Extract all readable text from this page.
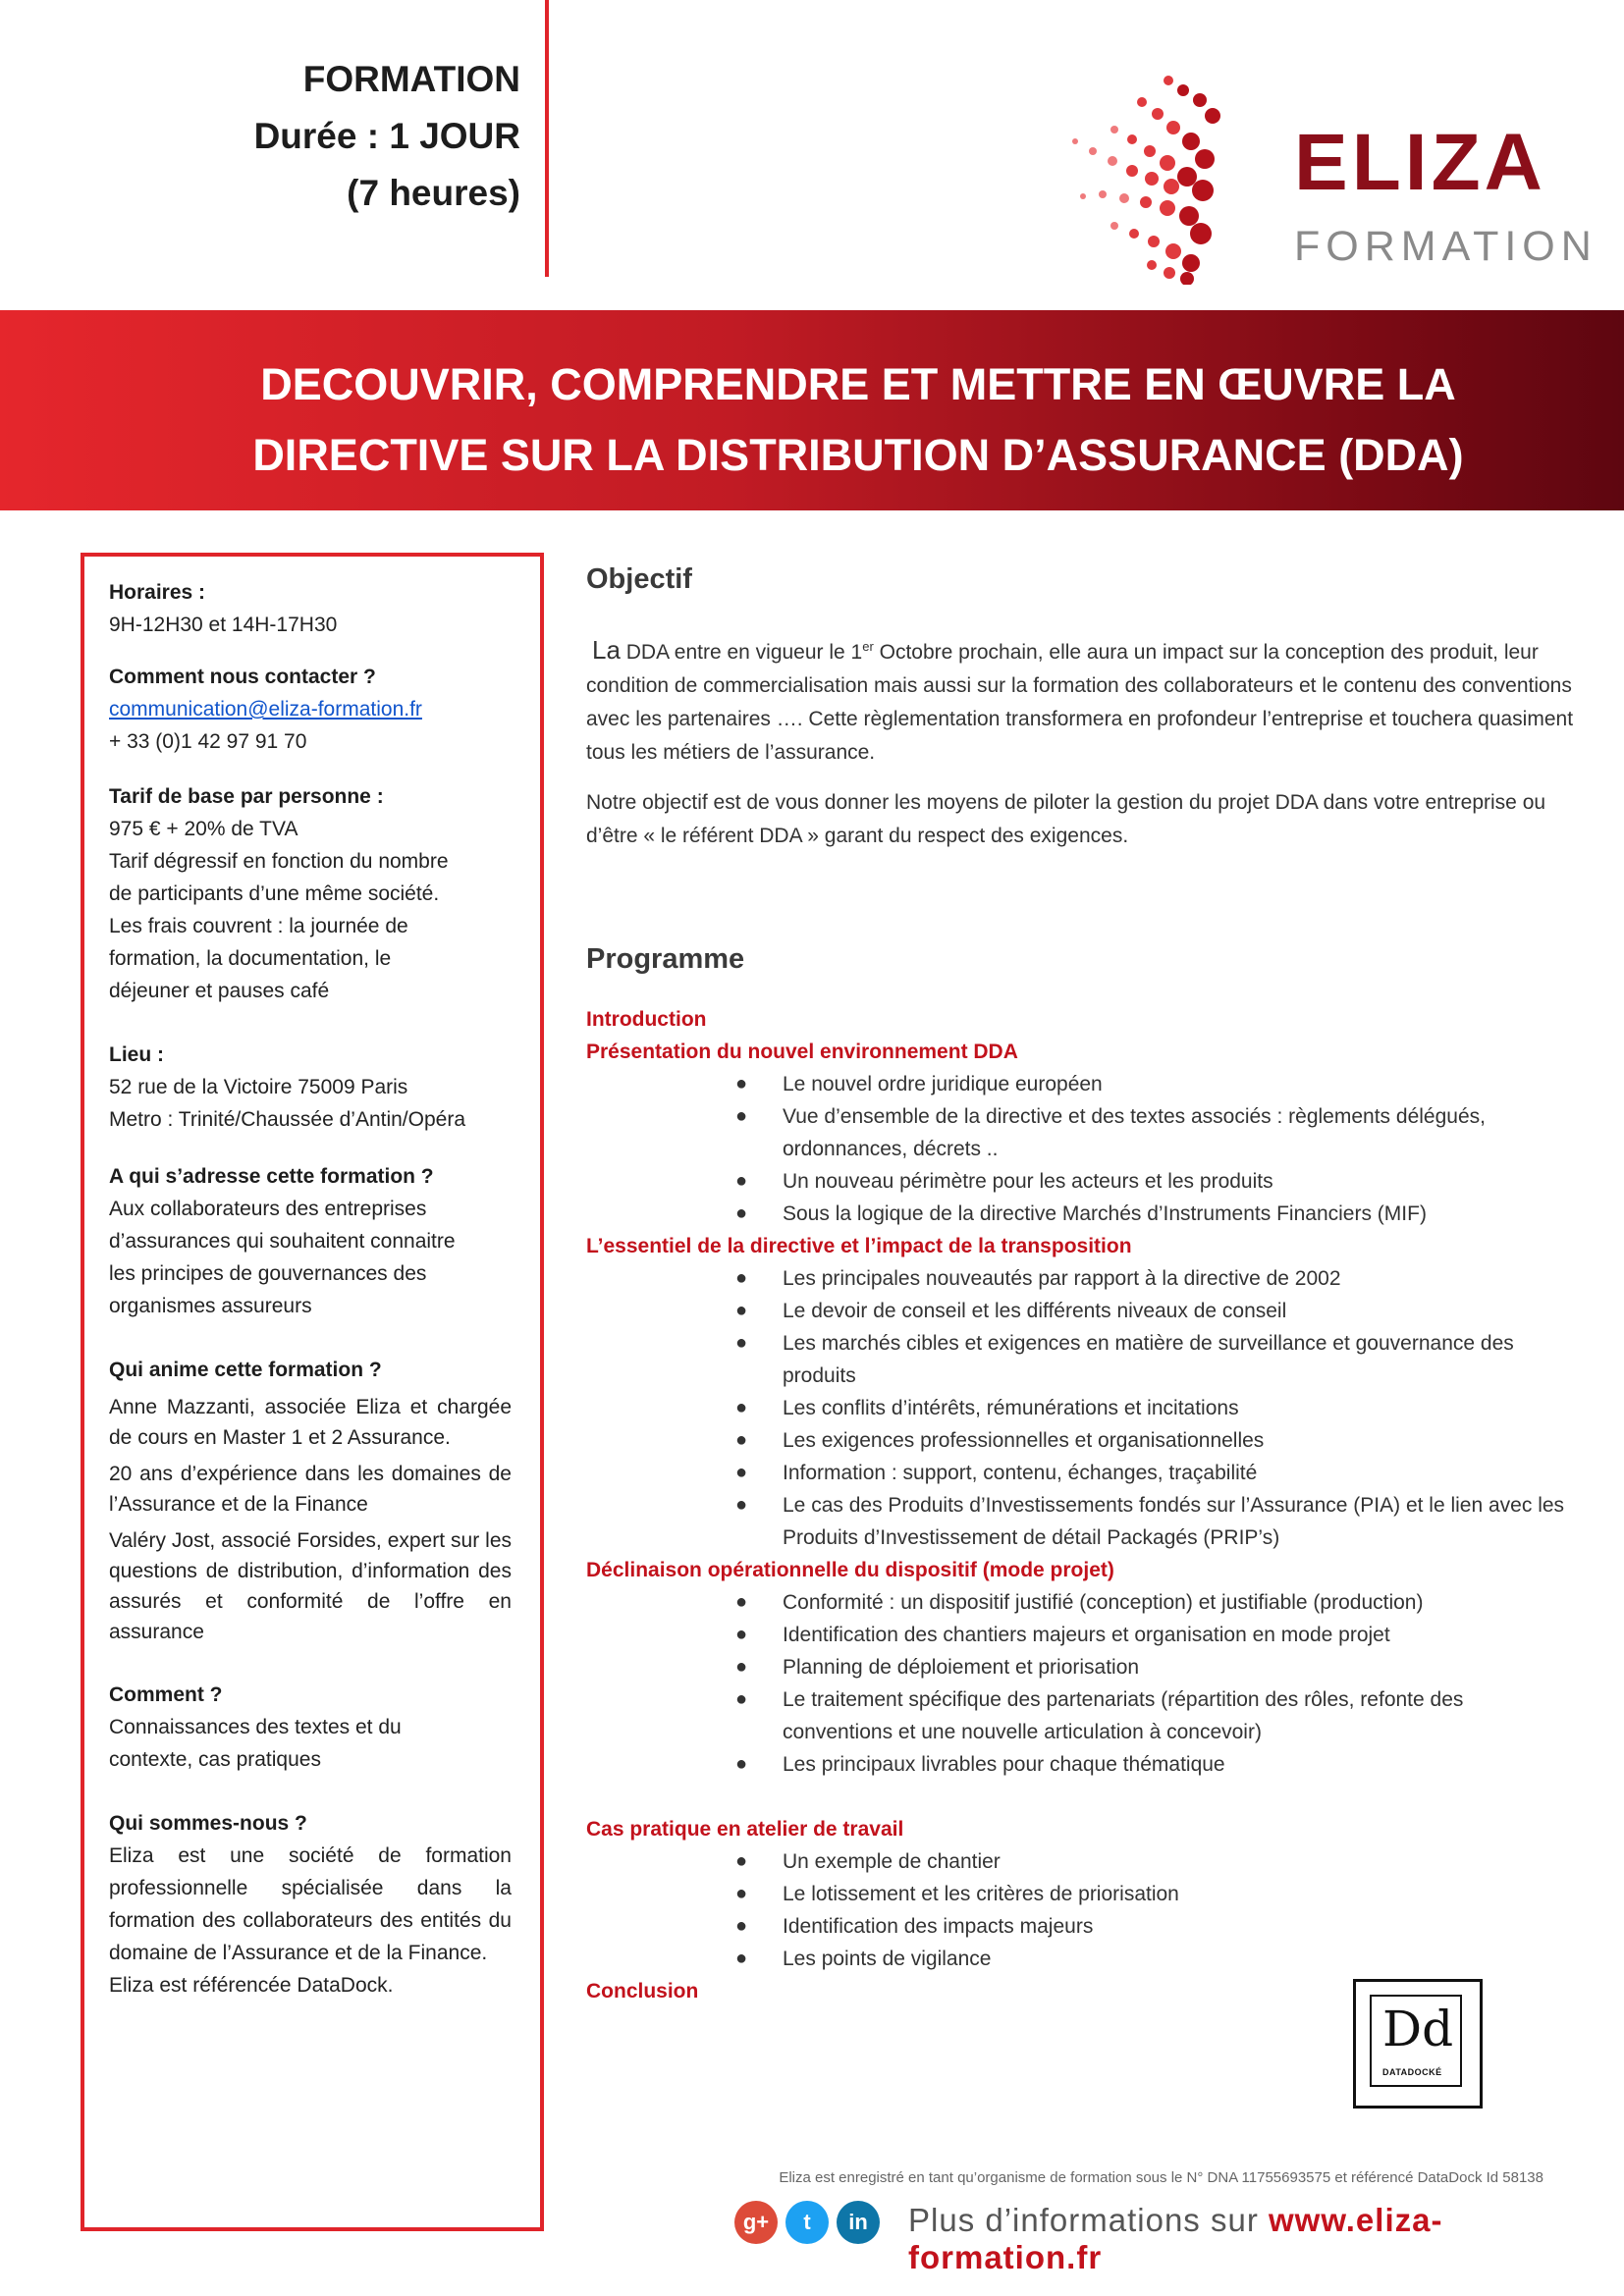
FORMATION
Durée : 1 JOUR
(7 heures)	ELIZA
FORMATION
DECOUVRIR, COMPRENDRE ET METTRE EN ŒUVRE LA
DIRECTIVE SUR LA DISTRIBUTION D’ASSURANCE (DDA)

Horaires :

9H-12H30 et 14H-17H30

Comment nous contacter ?

communication@eliza-formation.fr

+ 33 (0)1 42 97 91 70

Tarif de base par personne :

975 € + 20% de TVA

Tarif dégressif en fonction du nombre

de participants d’une même société.

Les frais couvrent : la journée de

formation, la documentation, le

déjeuner et pauses café

Lieu :

52 rue de la Victoire 75009 Paris

Metro : Trinité/Chaussée d’Antin/Opéra

A qui s’adresse cette formation ?

Aux collaborateurs des entreprises

d’assurances qui souhaitent connaitre

les principes de gouvernances des

organismes assureurs

Qui anime cette formation ?

Anne Mazzanti, associée Eliza et chargée de cours en Master 1 et 2 Assurance.

20 ans d’expérience dans les domaines de l’Assurance et de la Finance

Valéry Jost, associé Forsides, expert sur les questions de distribution, d’information des assurés et conformité de l’offre en assurance

Comment ?

Connaissances des textes et du

contexte, cas pratiques

Qui sommes-nous ?

Eliza est une société de formation professionnelle spécialisée dans la formation des collaborateurs des entités du domaine de l’Assurance et de la Finance.

Eliza est référencée DataDock.

Objectif
La DDA entre en vigueur le 1er Octobre prochain, elle aura un impact sur la conception des produit, leur condition de commercialisation mais aussi sur la formation des collaborateurs et le contenu des conventions avec les partenaires …. Cette règlementation transformera en profondeur l’entreprise et touchera quasiment tous les métiers de l’assurance.
Notre objectif est de vous donner les moyens de piloter la gestion du projet DDA dans votre entreprise ou d’être « le référent DDA » garant du respect des exigences.
Programme
Introduction
Présentation du nouvel environnement DDA
● Le nouvel ordre juridique européen
● Vue d’ensemble de la directive et des textes associés : règlements délégués, ordonnances, décrets ..
● Un nouveau périmètre pour les acteurs et les produits
● Sous la logique de la directive Marchés d’Instruments Financiers (MIF)
L’essentiel de la directive et l’impact de la transposition
● Les principales nouveautés par rapport à la directive de 2002
● Le devoir de conseil et les différents niveaux de conseil
● Les marchés cibles et exigences en matière de surveillance et gouvernance des produits
● Les conflits d’intérêts, rémunérations et incitations
● Les exigences professionnelles et organisationnelles
● Information : support, contenu, échanges, traçabilité
● Le cas des Produits d’Investissements fondés sur l’Assurance (PIA) et le lien avec les Produits d’Investissement de détail Packagés (PRIP’s)
Déclinaison opérationnelle du dispositif (mode projet)
● Conformité : un dispositif justifié (conception) et justifiable (production)
● Identification des chantiers majeurs et organisation en mode projet
● Planning de déploiement et priorisation
● Le traitement spécifique des partenariats (répartition des rôles, refonte des conventions et une nouvelle articulation à concevoir)
● Les principaux livrables pour chaque thématique
Cas pratique en atelier de travail
● Un exemple de chantier
● Le lotissement et les critères de priorisation
● Identification des impacts majeurs
● Les points de vigilance
Conclusion
Dd
DATADOCKÉ
Eliza est enregistré en tant qu’organisme de formation sous le N° DNA 11755693575 et référencé DataDock Id 58138
g+	t	in	Plus d’informations sur www.eliza-formation.fr
